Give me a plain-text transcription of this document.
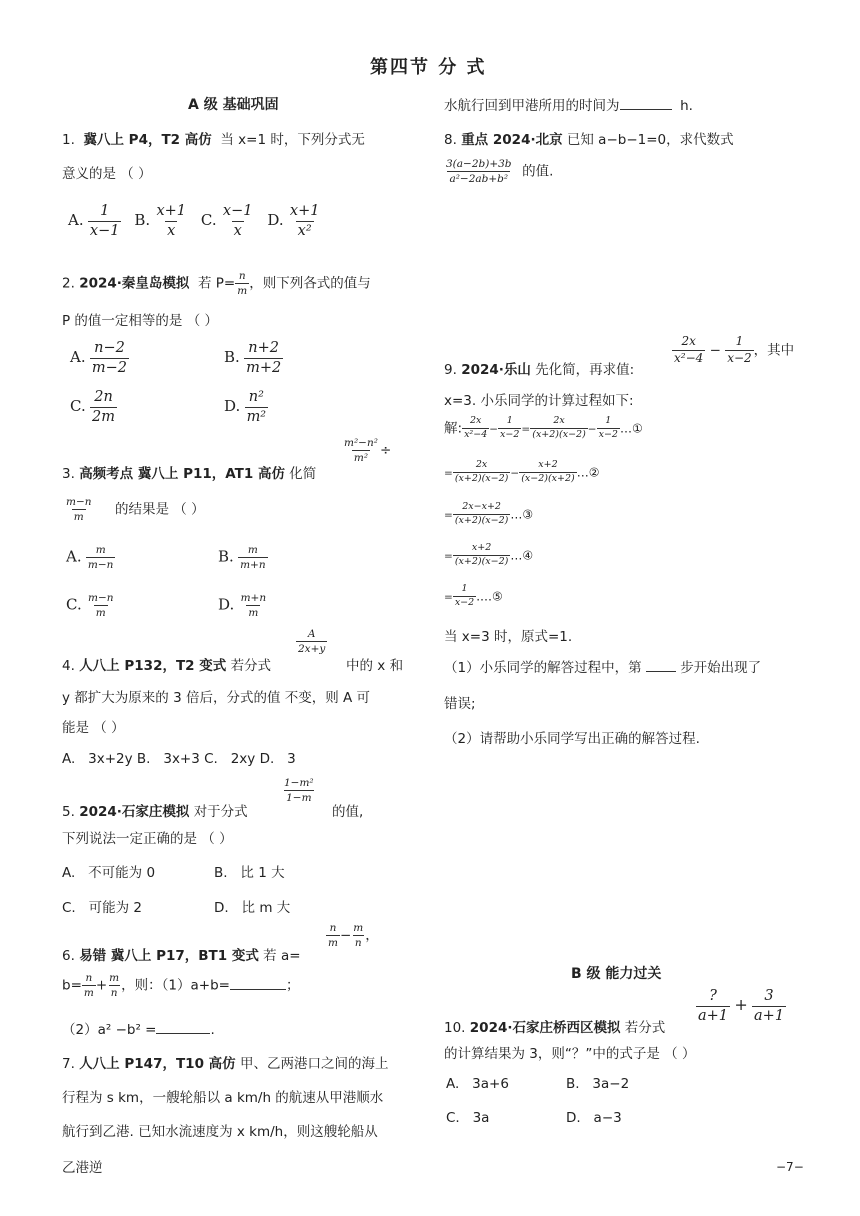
第四节 分 式
A 级 基础巩固
1. 冀八上 P4，T2 高仿 当 x=1 时，下列分式无
意义的是 （ ）
A. $\frac{1}{x-1} B$. $\frac{x+1}{x} C$. $\frac{x-1}{x} D$. $\frac{x+1}{\text{x²}}$
2. 2024·秦皇岛模拟 若 $P= \frac{n}{m}$ ，则下列各式的值与
P 的值一定相等的是 （ ）
A. $\frac{n-2}{m-2}$	B. $\frac{n+2}{m+2}$
C. $\frac{2n}{2m}$	D. $\frac{\text{n²}}{\text{m²}}$
3. 高频考点 冀八上 P11，AT1 高仿 化简
$\frac{\text{m²−n²}}{\text{m²}}$ ÷
$\frac{m-n}{m}$ 的结果是 （ ）
A. $\frac{m}{m-n}$	B. $\frac{m}{m+n}$
C. $\frac{m-n}{m}$	D. $\frac{m+n}{m}$
4. 人八上 P132，T2 变式 若分式
$\frac{A}{2x+y}$
中的 x 和
y 都扩大为原来的 3 倍后，分式的值 不变，则 A 可
能是 （ ）
A.   3x+2y B.   3x+3 C.   2xy D.   3
5. 2024·石家庄模拟 对于分式
$\frac{\text{1−m²}}{1-m}$
的值,
下列说法一定正确的是 （ ）
A.   不可能为 0	B.   比 1 大
C.   可能为 2	D.   比 m 大
6. 易错 冀八上 P17，BT1 变式 若 a=
$\frac{n}{m} - \frac{m}{n}$ ，
$b= \frac{n}{m} + \frac{m}{n}$ ，则：（1）a+b=	；
（2）a² −b² =	.
7. 人八上 P147，T10 高仿 甲、乙两港口之间的海上
行程为 s km，一艘轮船以 a km/h 的航速从甲港顺水
航行到乙港. 已知水流速度为 x km/h，则这艘轮船从
乙港逆
水航行回到甲港所用的时间为	h.
8. 重点 2024·北京 已知 a−b−1=0，求代数式
$\frac{3(a-2b)+3b}{\text{a²−2ab+b²}}$ 的值.
9. 2024·乐山 先化简，再求值:
$\frac{2x}{\text{x²−4}} - \frac{1}{x-2}$ ，其中
x=3. 小乐同学的计算过程如下:
解: $\frac{2x}{\text{x²−4}} - \frac{1}{x-2} = \frac{2x}{(x+2)(x-2)} - \frac{1}{x-2}$ …①
= $\frac{2x}{(x+2)(x-2)} - \frac{x+2}{(x-2)(x+2)}$ …②
= $\frac{2x-x+2}{(x+2)(x-2)}$ …③
= $\frac{x+2}{(x+2)(x-2)}$ …④
= $\frac{1}{x-2}$ .…⑤
当 x=3 时，原式=1.
（1）小乐同学的解答过程中，第	步开始出现了
错误;
（2）请帮助小乐同学写出正确的解答过程.
B 级 能力过关
10. 2024·石家庄桥西区模拟 若分式
$\frac{?}{a+1} + \frac{3}{a+1}$
的计算结果为 3，则“？”中的式子是 （ ）
A.   3a+6	B.   3a−2
C.   3a	D.   a−3
−7−
